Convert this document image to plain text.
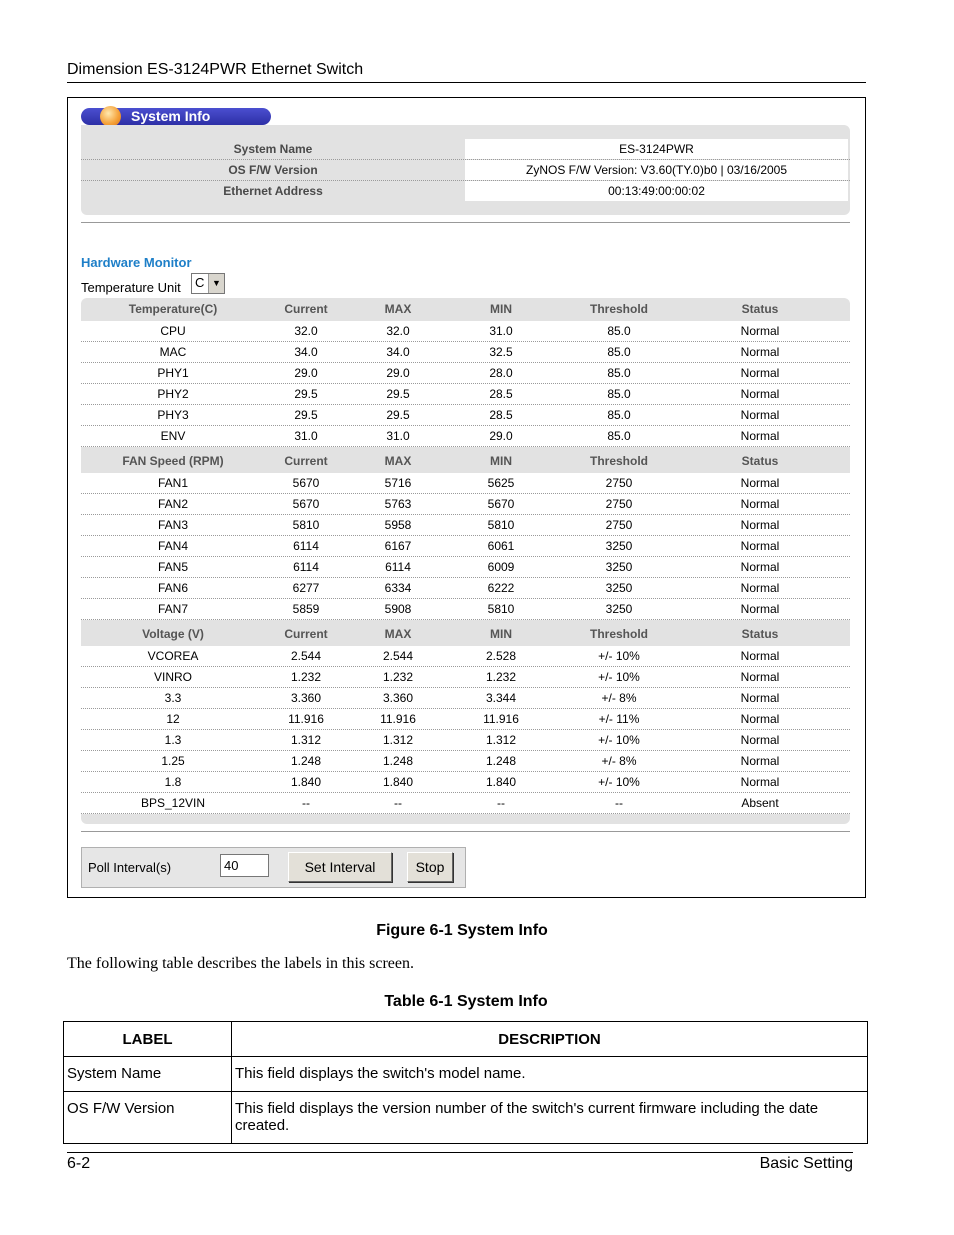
Dimension ES-3124PWR Ethernet Switch
System Info
System Name	ES-3124PWR
OS F/W Version	ZyNOS F/W Version: V3.60(TY.0)b0 | 03/16/2005
Ethernet Address	00:13:49:00:00:02
Hardware Monitor
Temperature Unit C ▼
Temperature(C)	Current	MAX	MIN	Threshold	Status
CPU	32.0	32.0	31.0	85.0	Normal
MAC	34.0	34.0	32.5	85.0	Normal
PHY1	29.0	29.0	28.0	85.0	Normal
PHY2	29.5	29.5	28.5	85.0	Normal
PHY3	29.5	29.5	28.5	85.0	Normal
ENV	31.0	31.0	29.0	85.0	Normal
FAN Speed (RPM)	Current	MAX	MIN	Threshold	Status
FAN1	5670	5716	5625	2750	Normal
FAN2	5670	5763	5670	2750	Normal
FAN3	5810	5958	5810	2750	Normal
FAN4	6114	6167	6061	3250	Normal
FAN5	6114	6114	6009	3250	Normal
FAN6	6277	6334	6222	3250	Normal
FAN7	5859	5908	5810	3250	Normal
Voltage (V)	Current	MAX	MIN	Threshold	Status
VCOREA	2.544	2.544	2.528	+/- 10%	Normal
VINRO	1.232	1.232	1.232	+/- 10%	Normal
3.3	3.360	3.360	3.344	+/- 8%	Normal
12	11.916	11.916	11.916	+/- 11%	Normal
1.3	1.312	1.312	1.312	+/- 10%	Normal
1.25	1.248	1.248	1.248	+/- 8%	Normal
1.8	1.840	1.840	1.840	+/- 10%	Normal
BPS_12VIN	--	--	--	--	Absent
Poll Interval(s)	40	Set Interval	Stop
Figure 6-1 System Info
The following table describes the labels in this screen.
Table 6-1 System Info
LABEL	DESCRIPTION
System Name	This field displays the switch's model name.
OS F/W Version	This field displays the version number of the switch's current firmware including the date created.
6-2	Basic Setting
